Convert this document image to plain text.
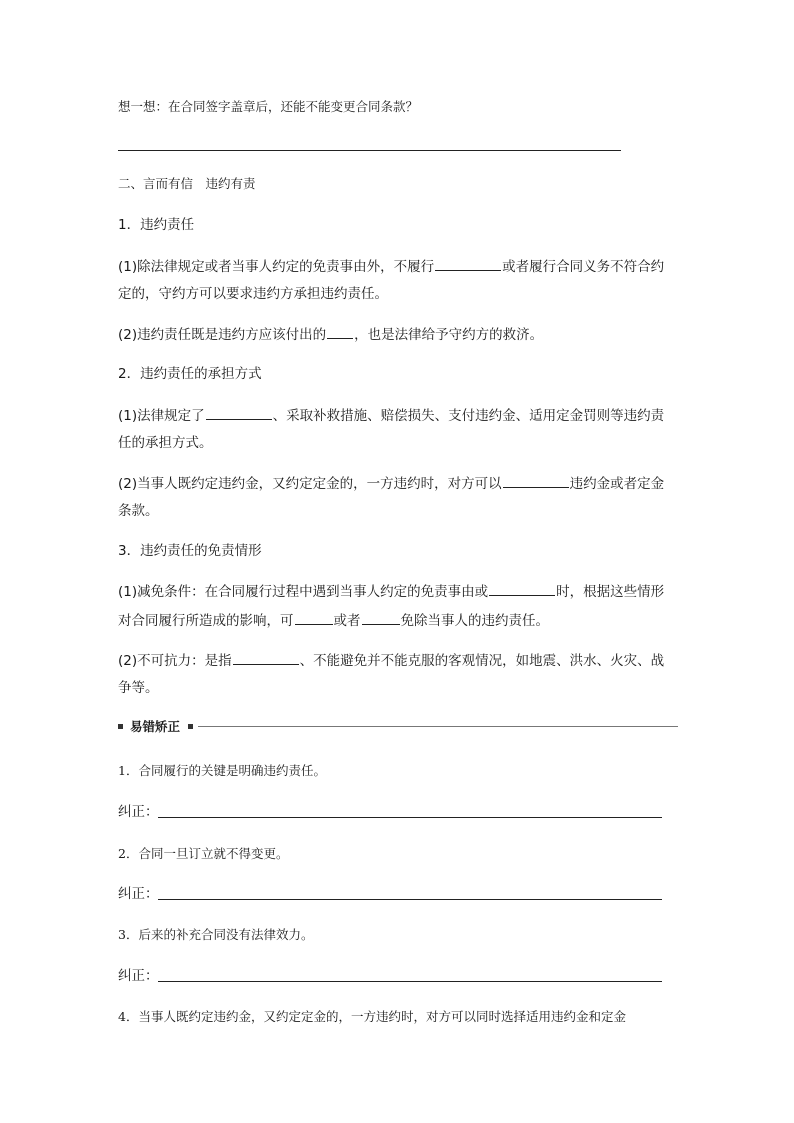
想一想：在合同签字盖章后，还能不能变更合同条款？
二、言而有信　违约有责
1．违约责任
(1)除法律规定或者当事人约定的免责事由外，不履行	或者履行合同义务不符合约
定的，守约方可以要求违约方承担违约责任。
(2)违约责任既是违约方应该付出的 ，也是法律给予守约方的救济。
2．违约责任的承担方式
(1)法律规定了	、采取补救措施、赔偿损失、支付违约金、适用定金罚则等违约责
任的承担方式。
(2)当事人既约定违约金，又约定定金的，一方违约时，对方可以	违约金或者定金
条款。
3．违约责任的免责情形
(1)减免条件：在合同履行过程中遇到当事人约定的免责事由或	时，根据这些情形
对合同履行所造成的影响，可	或者	免除当事人的违约责任。
(2)不可抗力：是指	、不能避免并不能克服的客观情况，如地震、洪水、火灾、战
争等。
易错矫正
1．合同履行的关键是明确违约责任。
纠正：
2．合同一旦订立就不得变更。
纠正：
3．后来的补充合同没有法律效力。
纠正：
4．当事人既约定违约金，又约定定金的，一方违约时，对方可以同时选择适用违约金和定金
